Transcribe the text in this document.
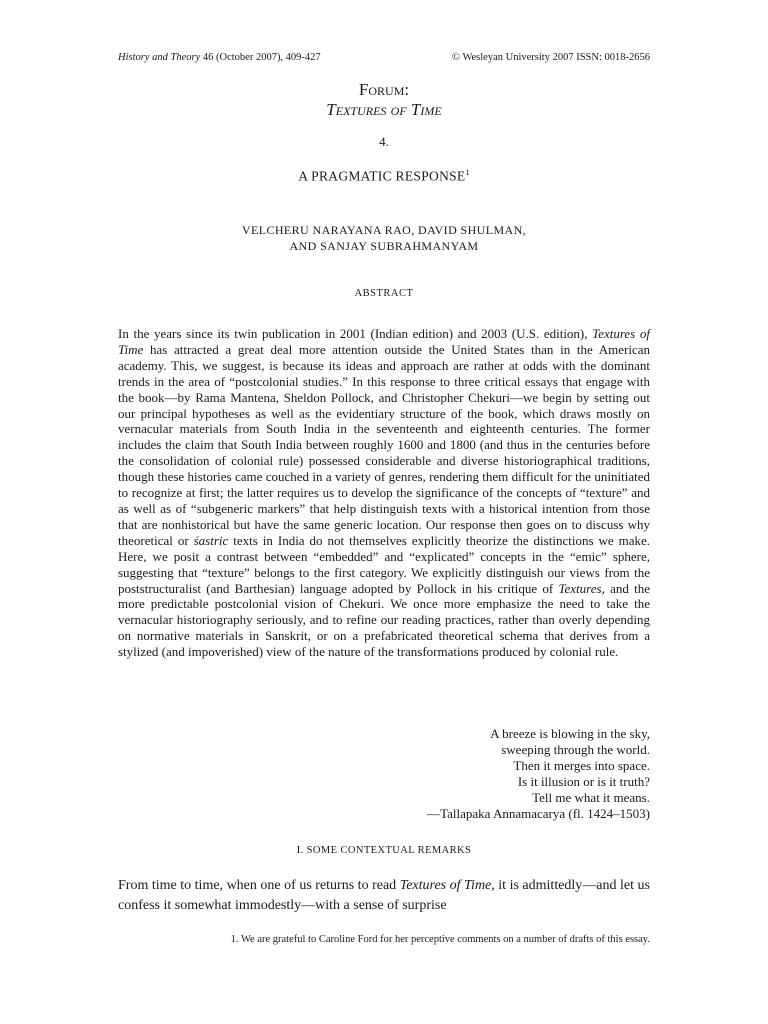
History and Theory 46 (October 2007), 409-427	© Wesleyan University 2007 ISSN: 0018-2656
Forum:
Textures of Time
4.
A PRAGMATIC RESPONSE$^1$
VELCHERU NARAYANA RAO, DAVID SHULMAN,
AND SANJAY SUBRAHMANYAM
ABSTRACT

In the years since its twin publication in 2001 (Indian edition) and 2003 (U.S. edition), Textures of Time has attracted a great deal more attention outside the United States than in the American academy. This, we suggest, is because its ideas and approach are rather at odds with the dominant trends in the area of “postcolonial studies.” In this response to three critical essays that engage with the book—by Rama Mantena, Sheldon Pollock, and Christopher Chekuri—we begin by setting out our principal hypotheses as well as the evidentiary structure of the book, which draws mostly on vernacular materials from South India in the seventeenth and eighteenth centuries. The former includes the claim that South India between roughly 1600 and 1800 (and thus in the centuries before the consolidation of colonial rule) possessed considerable and diverse historiographical traditions, though these histories came couched in a variety of genres, rendering them difficult for the uninitiated to recognize at first; the latter requires us to develop the significance of the concepts of “texture” and as well as of “subgeneric markers” that help distinguish texts with a historical intention from those that are nonhistorical but have the same generic location. Our response then goes on to discuss why theoretical or śastric texts in India do not themselves explicitly theorize the distinctions we make. Here, we posit a contrast between “embedded” and “explicated” concepts in the “emic” sphere, suggesting that “texture” belongs to the first category. We explicitly distinguish our views from the poststructuralist (and Barthesian) language adopted by Pollock in his critique of Textures, and the more predictable postcolonial vision of Chekuri. We once more emphasize the need to take the vernacular historiography seriously, and to refine our reading practices, rather than overly depending on normative materials in Sanskrit, or on a prefabricated theoretical schema that derives from a stylized (and impoverished) view of the nature of the transformations produced by colonial rule.

A breeze is blowing in the sky,
sweeping through the world.
Then it merges into space.
Is it illusion or is it truth?
Tell me what it means.
—Tallapaka Annamacarya (fl. 1424–1503)
I. SOME CONTEXTUAL REMARKS

From time to time, when one of us returns to read Textures of Time, it is admittedly—and let us confess it somewhat immodestly—with a sense of surprise

1. We are grateful to Caroline Ford for her perceptive comments on a number of drafts of this essay.
